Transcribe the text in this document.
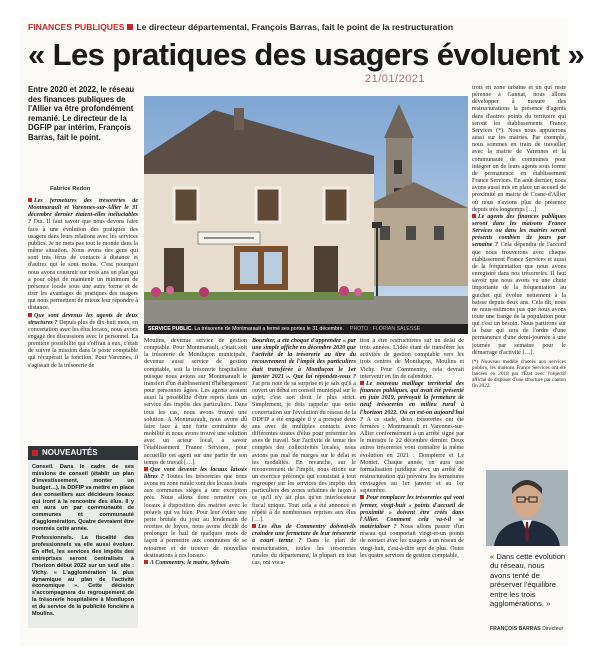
FINANCES PUBLIQUES Le directeur départemental, François Barras, fait le point de la restructuration
« Les pratiques des usagers évoluent »
21/01/2021
Entre 2020 et 2022, le réseau des finances publiques de l'Allier va être profondément remanié. Le directeur de la DGFIP par intérim, François Barras, fait le point.
Fabrice Redon

Les fermetures des trésoreries de Montmarault et Varennes-sur-Allier le 31 décembre dernier étaient-elles inéluctables ? Oui. Il faut savoir que nous devons faire face à une évolution des pratiques des usagers dans leurs relations avec les services publics. Je ne mets pas tout le monde dans la même situation. Nous avons des gens qui sont très férus de contacts à distance et d'autres qui le sont moins. C'est pourquoi nous avons construit sur trois ans un plan qui a pour objet de maintenir un minimum de présence locale sous une autre forme et de tirer les avantages de pratiques des usagers qui nous permettent de mieux leur répondre à distance.

Que sont devenus les agents de deux structures ? Depuis plus de dix-huit mois, en concertation avec les élus locaux, nous avons engagé des discussions avec le personnel. La première possibilité qui s'offrait à eux, c'était de suivre la mission dans le poste comptable qui récupérait la fonction. Pour Varennes, il s'agissait de la trésorerie de

SERVICE PUBLIC. La trésorerie de Montmarault a fermé ses portes le 31 décembre. PHOTO : FLORIAN SALESSE

Moulins, devenue service de gestion comptable. Pour Montmarault, c'était soit la trésorerie de Montluçon municipale, devenue aussi service de gestion comptable, soit la trésorerie hospitalière puisque nous avions sur Montmarault le transfert d'un établissement d'hébergement pour personnes âgées. Les agents avaient aussi la possibilité d'être repris dans un service des impôts des particuliers. Dans tous les cas, nous avons trouvé une solution. A Montmarault, nous avons dû faire face à une forte contrainte de mobilité et nous avons trouvé une solution avec un acteur local, à savoir l'établissement France Services, pour accueillir cet agent sur une partie de son temps de travail […].

Que vont devenir les locaux laissés libres ? Toutes les trésoreries que nous avons en zone rurale sont des locaux loués aux communes sièges à une exception près. Nous allons donc remettre ces locaux à disposition des mairies avec le préavis qui va bien. Pour leur éviter une perte brutale du jour au lendemain de recettes de loyers, nous avons décidé de prolonger le bail de quelques mois de façon à permettre aux communes de se retourner et de trouver de nouvelles destinations à ces locaux.

A Commentry, le maire, Sylvain

Bourdier, a été choqué d'apprendre « par une simple affiche en décembre 2020 que l'activité de la trésorerie au titre du recouvrement de l'impôt des particuliers était transférée à Montluçon le 1er janvier 2021 ». Que lui répondez-vous ? J'ai pris note de sa surprise et je sais qu'il a ouvert un débat en conseil municipal sur le sujet, c'est son droit le plus strict. Simplement, je dois rappeler que cette concertation sur l'évolution du réseau de la DDFIP a été engagée il y a presque deux ans avec de multiples contacts avec différentes strates d'élus pour présenter les axes de travail. Sur l'activité de tenue des comptes des collectivités locales, nous avions pas mal de marges sur le délai et les modalités. En revanche, sur le recouvrement de l'impôt, nous étions sur un exercice préconçu qui consistait à tout regrouper sur les services des impôts des particuliers des zones urbaines de façon à ce qu'il n'y ait plus qu'un interlocuteur fiscal unique. Tout cela a été annoncé et répété à de nombreuses reprises aux élus […].

Les élus de Commentry doivent-ils craindre une fermeture de leur trésorerie à court terme ? Dans le plan de restructuration, toutes les trésoreries rurales du département, la plupart en tout cas, ont voca-

tion à être restructurées sur un délai de trois années. L'idée étant de transférer les activités de gestion comptable vers les trois centres de Montluçon, Moulins et Vichy. Pour Commentry, cela devrait intervenir en fin de calendrier.

Le nouveau maillage territorial des finances publiques, qui avait été présenté en juin 2019, prévoyait la fermeture de neuf trésoreries en milieu rural à l'horizon 2022. Où en est-on aujourd'hui ? A ce stade, deux trésoreries ont été fermées : Montmarault et Varennes-sur-Allier conformément à un arrêté signé par le ministre le 22 décembre dernier. Deux autres trésoreries vont connaître la même évolution en 2021 : Dompierre et Le Montet. Chaque année, on aura une formalisation juridique avec un arrêté de restructuration qui prévoira les fermetures envisagées au 1er janvier et au 1er septembre.

Pour remplacer les trésoreries qui vont fermer, vingt-huit « points d'accueil de proximité » doivent être créés dans l'Allier. Comment cela va-t-il se matérialiser ? Nous allons passer d'un réseau qui comportait vingt-et-un points de contact avec les usagers à un réseau de vingt-huit, c'est-à-dire sept de plus. Outre les quatre services de gestion comptable,

trois en zone urbaine et un qui reste pérenne à Gannat, nous allons développer à mesure des restructurations la présence d'agents dans d'autres points du territoire qui seront les établissements France Services (*). Nous nous appuierons aussi sur les mairies. Par exemple, nous sommes en train de travailler avec la mairie de Varennes et la communauté de communes pour intégrer un de leurs agents sous forme de permanence en établissement France Services. En août dernier, nous avons aussi mis en place un accueil de proximité en mairie de Cosne-d'Allier où nous n'avions plus de présence depuis très longtemps […]

Le agents des finances publiques seront dans les maisons France Services ou dans les mairies seront présents combien de jours par semaine ? Cela dépendra de l'accord que nous trouverons avec chaque établissement France Services et aussi de la fréquentation que nous avons enregistré dans nos trésoreries. Il faut savoir que nous avons vu une chute importante de la fréquentation au guichet qui évolue nettement à la baisse depuis deux ans. Cela dit, nous ne nous-estimons pas que nous avons toute une frange de la population pour qui c'est un besoin. Nous partirons sur la base qui sera de l'ordre d'une permanence d'une demi-journée à une journée par semaine pour le démarrage d'activité […].

(*) Nouveau modèle d'accès aux services publics, les maisons France Services ont été lancées en 2018 par l'État avec l'objectif affiché de disposer d'une structure par canton fin 2022.

NOUVEAUTÉS

Conseil. Dans le cadre de ses missions de conseil (établir un plan d'investissement, monter un budget…), la DDFIP va mettre en place des conseillers aux décideurs locaux qui iront à la rencontre des élus. Il y en aura un par communauté de communes et communauté d'agglomération. Quatre devraient être nommés cette année.

Professionnels. La fiscalité des professionnels va elle aussi évoluer. En effet, les services des impôts des entreprises seront centralisés à l'horizon début 2022 sur un seul site : Vichy. « L'agglomération la plus dynamique au plan de l'activité économique ». Cette décision s'accompagnera du regroupement de la trésorerie hospitalière à Montluçon et du service de la publicité foncière à Moulins.

« Dans cette évolution du réseau, nous avons tenté de préserver l'équilibre entre les trois agglomérations. »
FRANÇOIS BARRAS Directeur
